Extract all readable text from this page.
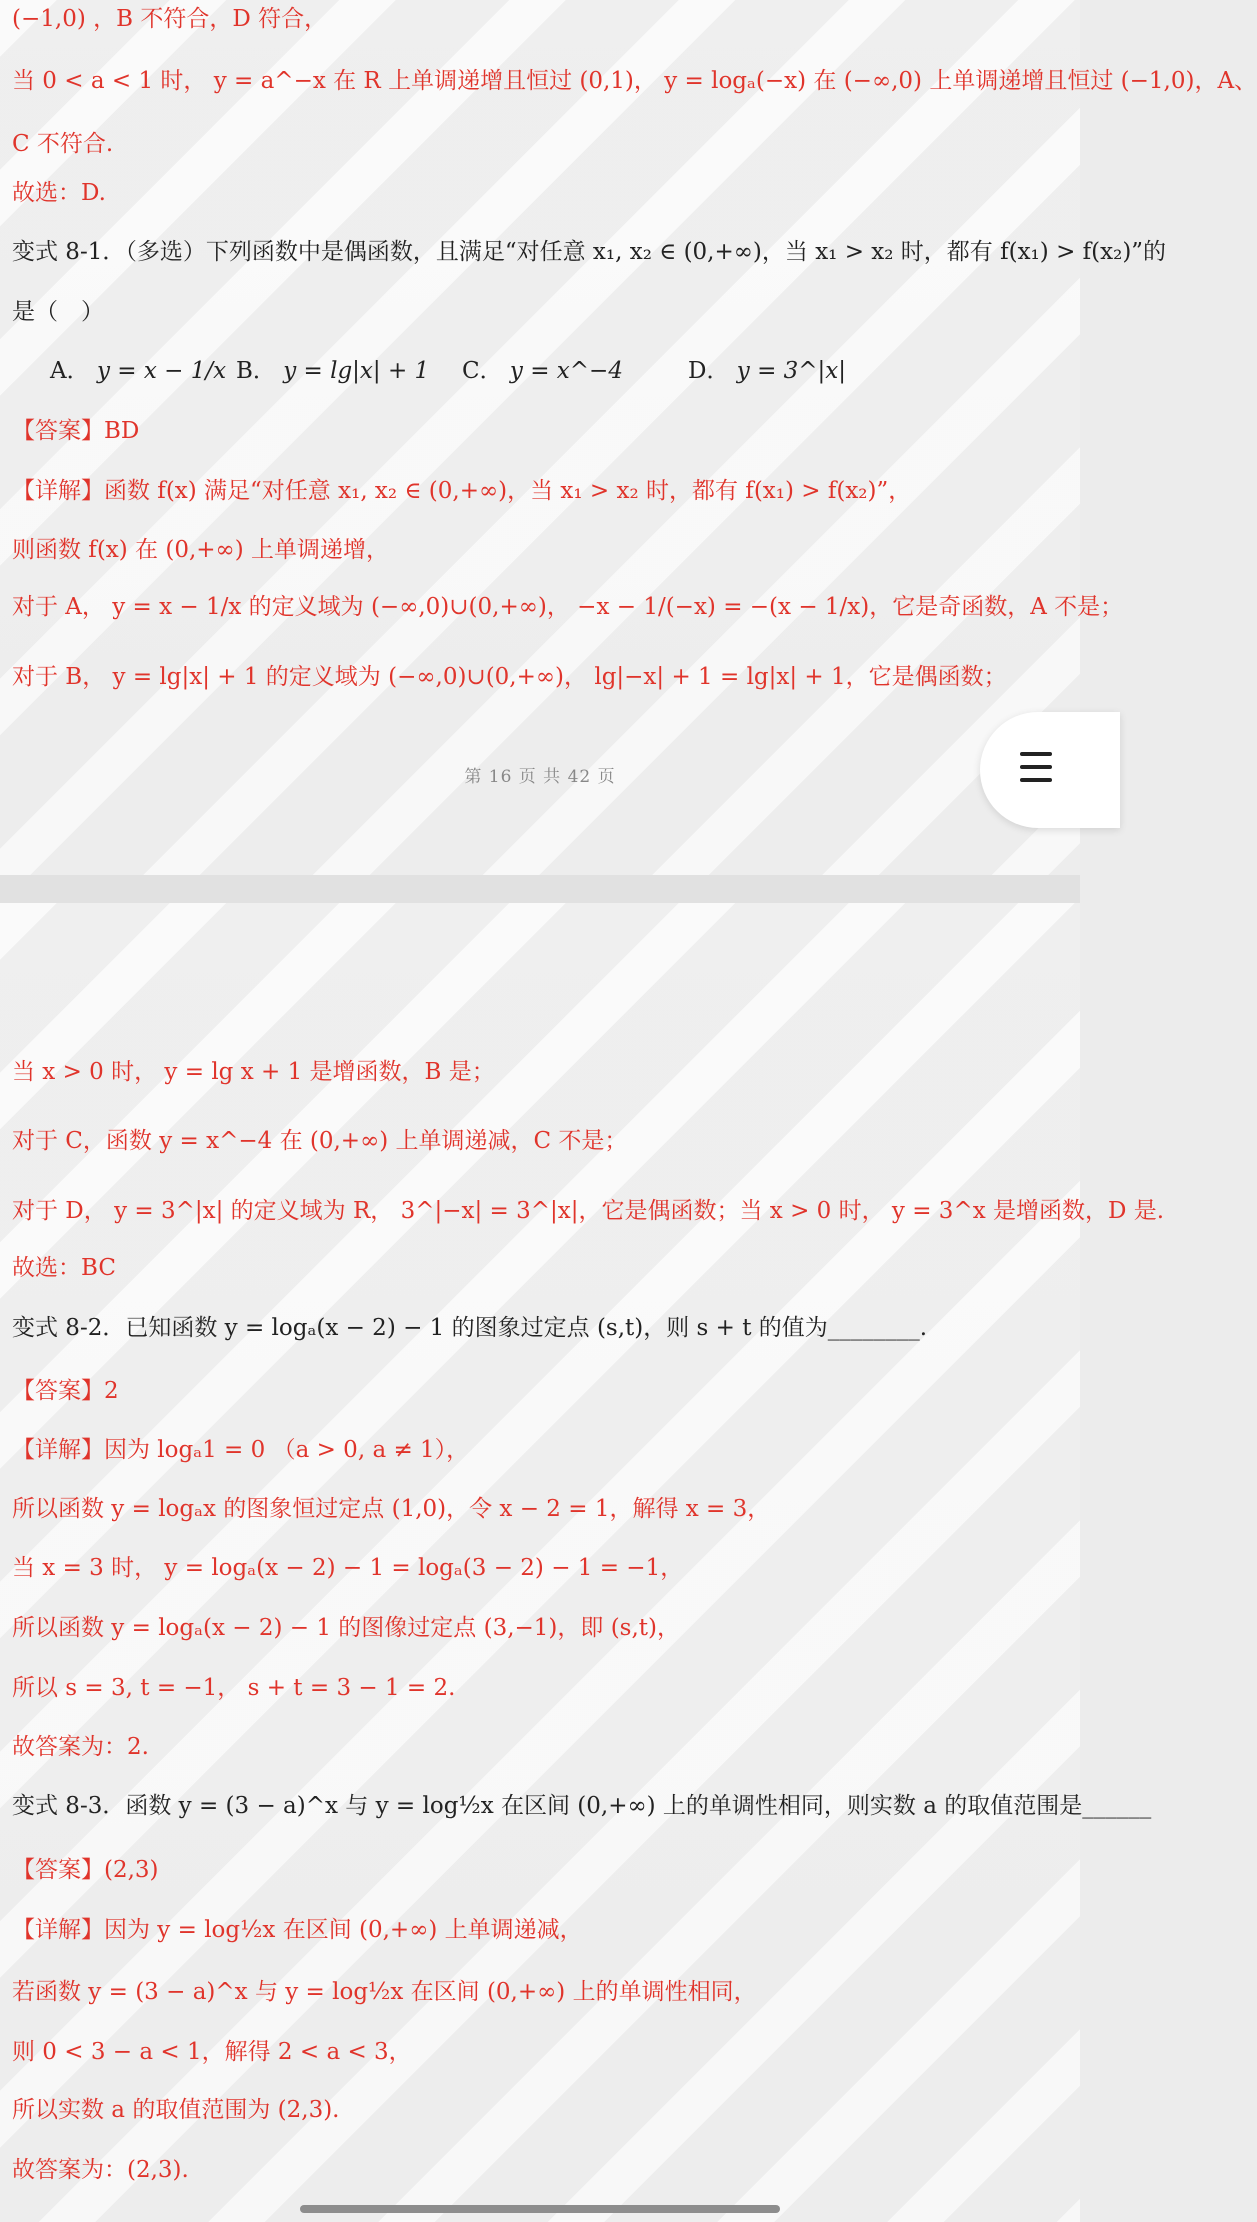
(−1,0) ，B 不符合，D 符合，
当 0 < a < 1 时， y = a^−x 在 R 上单调递增且恒过 (0,1)， y = logₐ(−x) 在 (−∞,0) 上单调递增且恒过 (−1,0)，A、
C 不符合.
故选：D.
变式 8-1．（多选）下列函数中是偶函数，且满足“对任意 x₁, x₂ ∈ (0,+∞)，当 x₁ > x₂ 时，都有 f(x₁) > f(x₂)”的
是（　）
A． y = x − 1/x B． y = lg|x| + 1 C． y = x^−4	D． y = 3^|x|
【答案】BD
【详解】函数 f(x) 满足“对任意 x₁, x₂ ∈ (0,+∞)，当 x₁ > x₂ 时，都有 f(x₁) > f(x₂)”，
则函数 f(x) 在 (0,+∞) 上单调递增，
对于 A， y = x − 1/x 的定义域为 (−∞,0)∪(0,+∞)， −x − 1/(−x) = −(x − 1/x)，它是奇函数，A 不是；
对于 B， y = lg|x| + 1 的定义域为 (−∞,0)∪(0,+∞)， lg|−x| + 1 = lg|x| + 1，它是偶函数；
第 16 页 共 42 页
当 x > 0 时， y = lg x + 1 是增函数，B 是；
对于 C，函数 y = x^−4 在 (0,+∞) 上单调递减，C 不是；
对于 D， y = 3^|x| 的定义域为 R， 3^|−x| = 3^|x|，它是偶函数；当 x > 0 时， y = 3^x 是增函数，D 是.
故选：BC
变式 8-2．已知函数 y = logₐ(x − 2) − 1 的图象过定点 (s,t)，则 s + t 的值为________.
【答案】2
【详解】因为 logₐ1 = 0 （a > 0, a ≠ 1），
所以函数 y = logₐx 的图象恒过定点 (1,0)，令 x − 2 = 1，解得 x = 3，
当 x = 3 时， y = logₐ(x − 2) − 1 = logₐ(3 − 2) − 1 = −1，
所以函数 y = logₐ(x − 2) − 1 的图像过定点 (3,−1)，即 (s,t)，
所以 s = 3, t = −1， s + t = 3 − 1 = 2.
故答案为：2.
变式 8-3．函数 y = (3 − a)^x 与 y = log½x 在区间 (0,+∞) 上的单调性相同，则实数 a 的取值范围是______
【答案】(2,3)
【详解】因为 y = log½x 在区间 (0,+∞) 上单调递减，
若函数 y = (3 − a)^x 与 y = log½x 在区间 (0,+∞) 上的单调性相同，
则 0 < 3 − a < 1，解得 2 < a < 3，
所以实数 a 的取值范围为 (2,3).
故答案为：(2,3).
